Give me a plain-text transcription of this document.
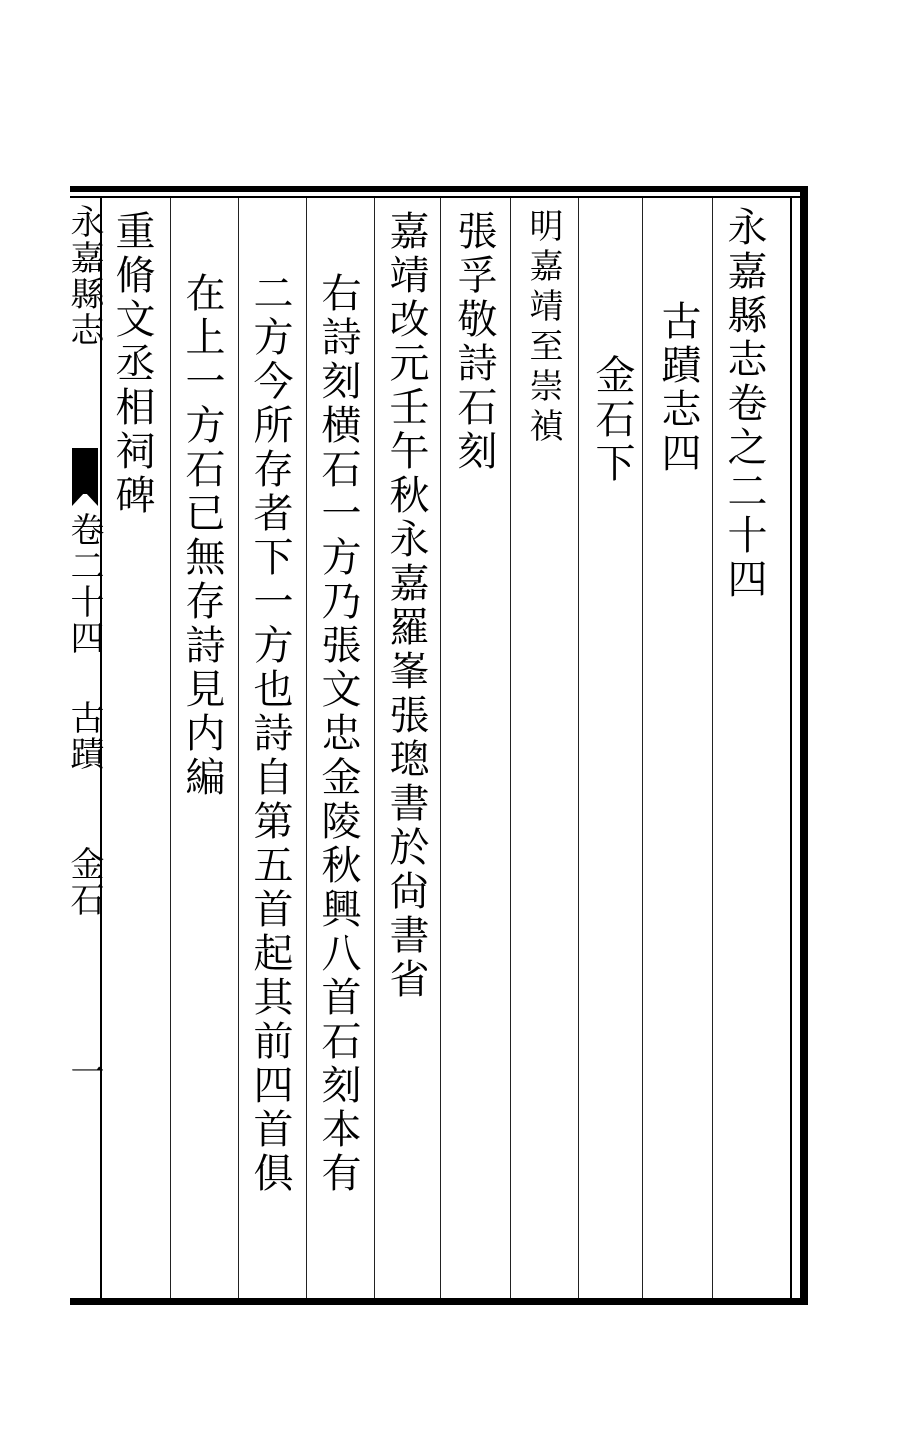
永嘉縣志卷之二十四
古蹟志四
金石下
明嘉靖至崇禎
張孚敬詩石刻
嘉靖改元壬午秋永嘉羅峯張璁書於尙書省
右詩刻横石一方乃張文忠金陵秋興八首石刻本有
二方今所存者下一方也詩自第五首起其前四首俱
在上一方石已無存詩見内編
重脩文丞相祠碑
永嘉縣志
卷二十四
古蹟
金石
一
